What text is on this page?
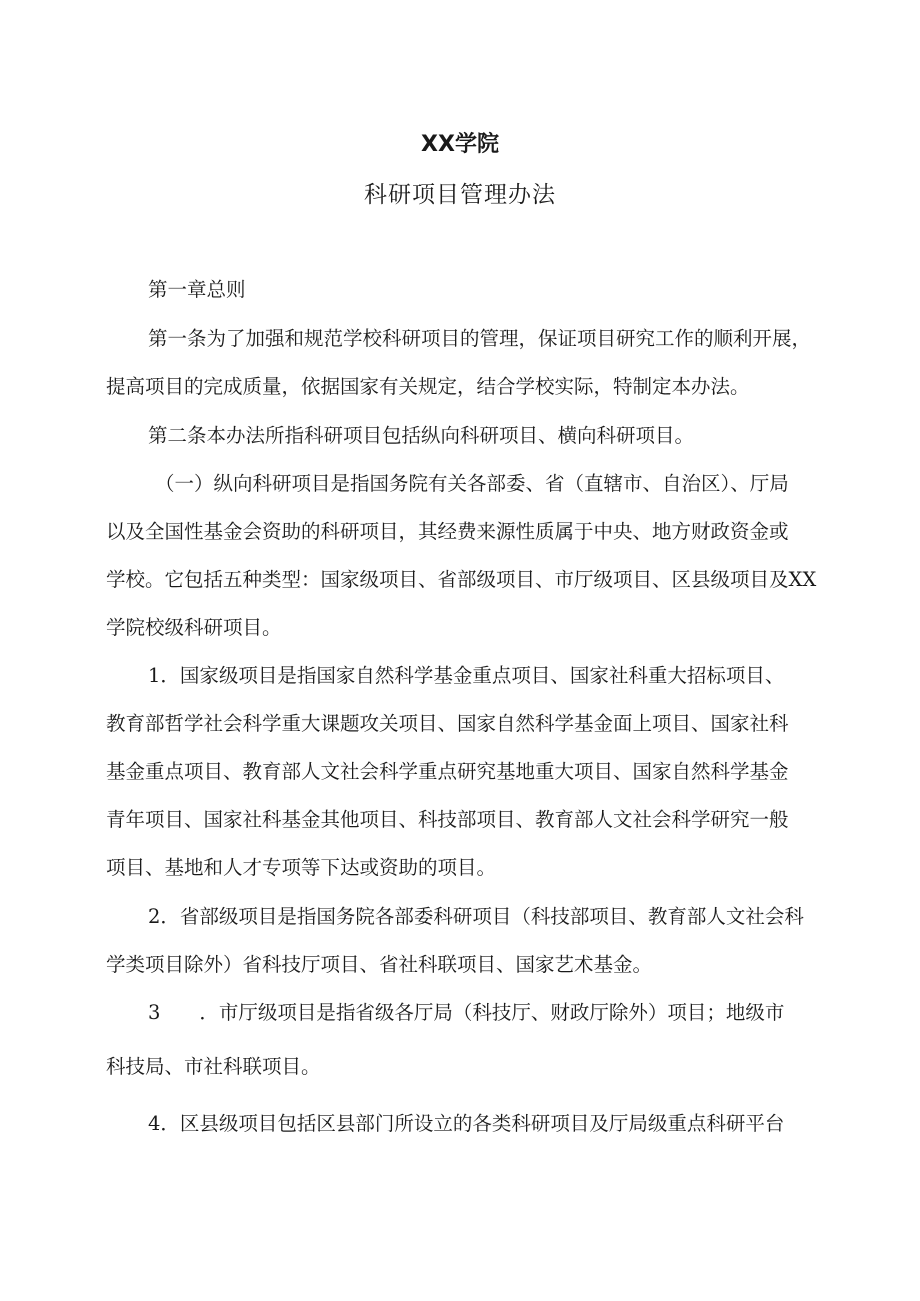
XX学院
科研项目管理办法
第一章总则
第一条为了加强和规范学校科研项目的管理，保证项目研究工作的顺利开展，
提高项目的完成质量，依据国家有关规定，结合学校实际，特制定本办法。
第二条本办法所指科研项目包括纵向科研项目、横向科研项目。
（一）纵向科研项目是指国务院有关各部委、省（直辖市、自治区）、厅局
以及全国性基金会资助的科研项目，其经费来源性质属于中央、地方财政资金或
学校。它包括五种类型：国家级项目、省部级项目、市厅级项目、区县级项目及XX
学院校级科研项目。
1．国家级项目是指国家自然科学基金重点项目、国家社科重大招标项目、
教育部哲学社会科学重大课题攻关项目、国家自然科学基金面上项目、国家社科
基金重点项目、教育部人文社会科学重点研究基地重大项目、国家自然科学基金
青年项目、国家社科基金其他项目、科技部项目、教育部人文社会科学研究一般
项目、基地和人才专项等下达或资助的项目。
2．省部级项目是指国务院各部委科研项目（科技部项目、教育部人文社会科
学类项目除外）省科技厅项目、省社科联项目、国家艺术基金。
3　　．市厅级项目是指省级各厅局（科技厅、财政厅除外）项目；地级市
科技局、市社科联项目。
4．区县级项目包括区县部门所设立的各类科研项目及厅局级重点科研平台
